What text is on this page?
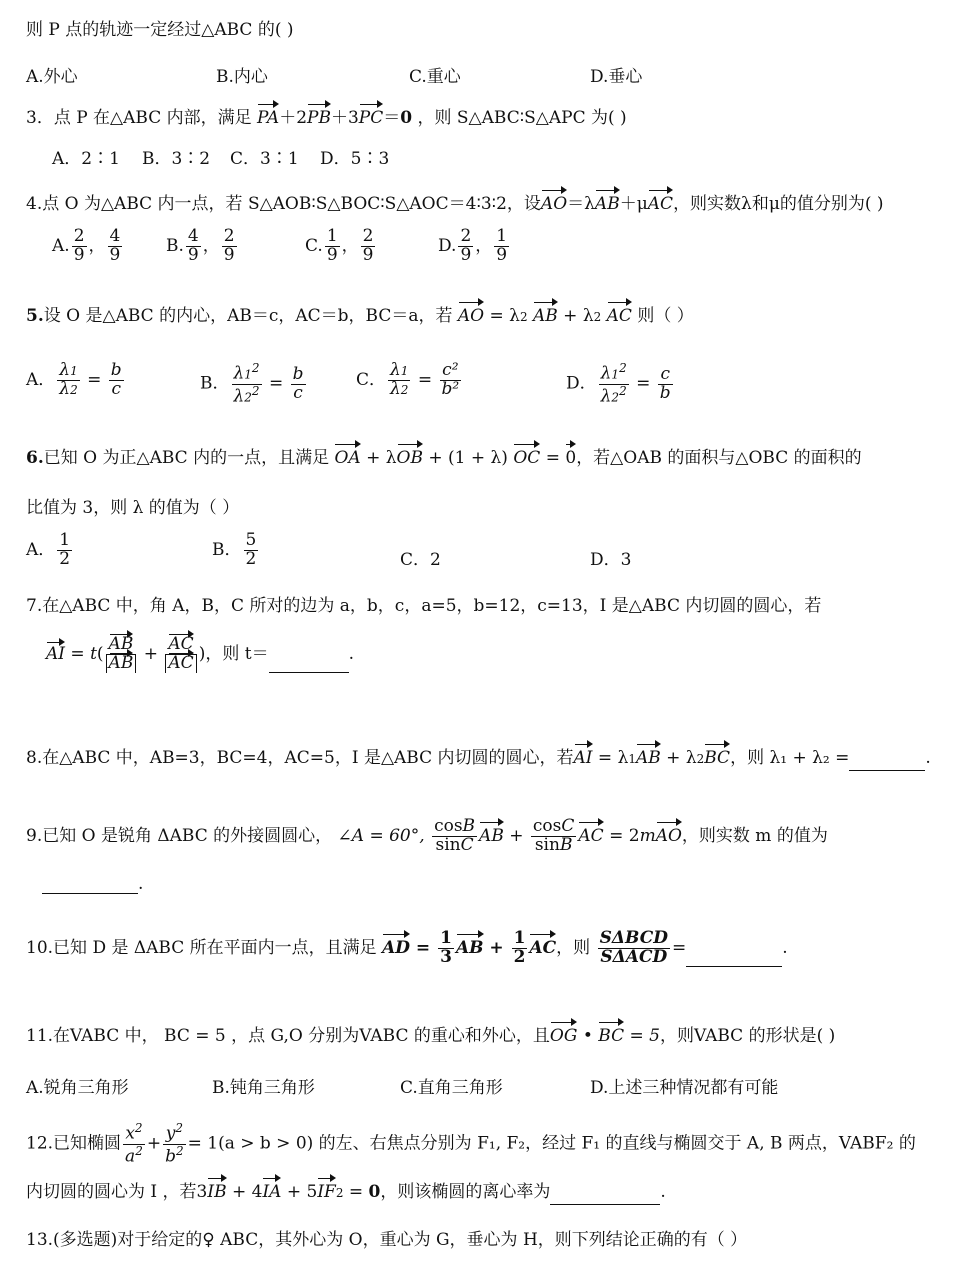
则 P 点的轨迹一定经过△ABC 的( )
A.外心	B.内心	C.重心	D.垂心
3．点 P 在△ABC 内部，满足 PA＋2PB＋3PC＝0 ，则 S△ABC∶S△APC 为( )
A．2∶1 B．3∶2 C．3∶1 D．5∶3
4.点 O 为△ABC 内一点，若 S△AOB∶S△BOC∶S△AOC＝4∶3∶2，设AO＝λAB＋μAC，则实数λ和μ的值分别为( )
A. $\frac{2}{9}$ ， $\frac{4}{9}$	B. $\frac{4}{9}$ ， $\frac{2}{9}$	C. $\frac{1}{9}$ ， $\frac{2}{9}$	D. $\frac{2}{9}$ ， $\frac{1}{9}$
5.设 O 是△ABC 的内心，AB＝c，AC＝b，BC＝a，若 AO = λ2 AB + λ2 AC 则（ ）
A． $\frac{\lambda 1}{\lambda 2} = \frac{b}{c}$	B． $\frac{\lambda 1^2}{\lambda 2^2} = \frac{b}{c}$	C． $\frac{\lambda 1}{\lambda 2} = \frac{\text{c²}}{\text{b²}}$	D． $\frac{\lambda 1^2}{\lambda 2^2} = \frac{c}{b}$
6.已知 O 为正△ABC 内的一点，且满足 OA + λOB + (1 + λ) OC = 0，若△OAB 的面积与△OBC 的面积的
比值为 3，则 λ 的值为（ ）
A． $\frac{1}{2}$	B． $\frac{5}{2}$	C．2	D．3
7.在△ABC 中，角 A，B，C 所对的边为 a，b，c，a=5，b=12，c=13，I 是△ABC 内切圆的圆心，若
AI = $t( \frac{AB}{AB} + \frac{AC}{AC}$ )，则 t＝	.
8.在△ABC 中，AB=3，BC=4，AC=5，I 是△ABC 内切圆的圆心，若AI = λ1AB + λ2BC，则 λ₁ + λ₂ =	.
9.已知 O 是锐角 ΔABC 的外接圆圆心， ∠A = 60°, $\frac{\cos B}{\sin C}$ AB + $\frac{\cos C}{\sin B}$ AC = 2mAO，则实数 m 的值为
.
10.已知 D 是 ΔABC 所在平面内一点，且满足 AD = $\frac{1}{3}$ AB + $\frac{1}{2}$ AC，则 $\frac{\text{SΔBCD}}{\text{SΔACD}}$ =	.
11.在VABC 中， BC = 5 ，点 G,O 分别为VABC 的重心和外心，且OG • BC = 5，则VABC 的形状是( )
A.锐角三角形	B.钝角三角形	C.直角三角形	D.上述三种情况都有可能
12.已知椭圆 $\frac{x^2}{a^2} + \frac{y^2}{b^2} = 1(a > b > 0)$ 的左、右焦点分别为 F₁, F₂，经过 F₁ 的直线与椭圆交于 A, B 两点，VABF₂ 的
内切圆的圆心为 I ，若3IB + 4IA + 5IF2 = 0，则该椭圆的离心率为	.
13.(多选题)对于给定的♀ ABC，其外心为 O，重心为 G，垂心为 H，则下列结论正确的有（ ）
